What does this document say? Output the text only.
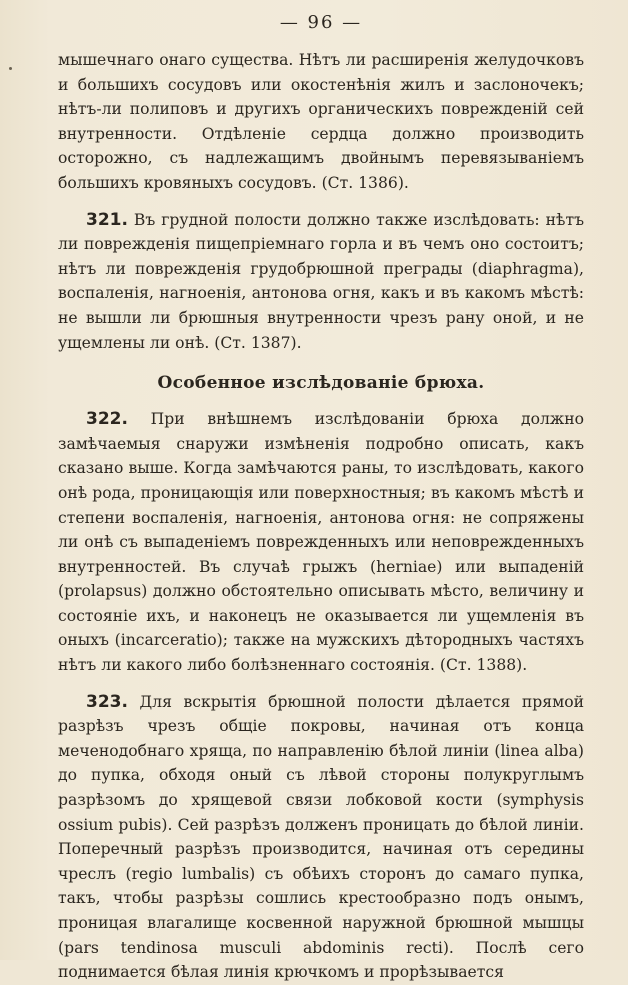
— 96 —

мышечнаго онаго существа. Нѣтъ ли расширенія желудочковъ и большихъ сосудовъ или окостенѣнія жилъ и заслоночекъ; нѣтъ-ли полиповъ и другихъ органическихъ поврежденій сей внутренности. Отдѣленіе сердца должно производить осторожно, съ надлежащимъ двойнымъ перевязываніемъ большихъ кровяныхъ сосудовъ. (Ст. 1386).

321. Въ грудной полости должно также изслѣдовать: нѣтъ ли поврежденія пищепріемнаго горла и въ чемъ оно состоитъ; нѣтъ ли поврежденія грудобрюшной преграды (diaphragma), воспаленія, нагноенія, антонова огня, какъ и въ какомъ мѣстѣ: не вышли ли брюшныя внутренности чрезъ рану оной, и не ущемлены ли онѣ. (Ст. 1387).

Особенное изслѣдованіе брюха.

322. При внѣшнемъ изслѣдованіи брюха должно замѣчаемыя снаружи измѣненія подробно описать, какъ сказано выше. Когда замѣчаются раны, то изслѣдовать, какого онѣ рода, проницающія или поверхностныя; въ какомъ мѣстѣ и степени воспаленія, нагноенія, антонова огня: не сопряжены ли онѣ съ выпаденіемъ поврежденныхъ или неповрежденныхъ внутренностей. Въ случаѣ грыжъ (herniae) или выпаденій (prolapsus) должно обстоятельно описывать мѣсто, величину и состояніе ихъ, и наконецъ не оказывается ли ущемленія въ оныхъ (incarceratio); также на мужскихъ дѣтородныхъ частяхъ нѣтъ ли какого либо болѣзненнаго состоянія. (Ст. 1388).

323. Для вскрытія брюшной полости дѣлается прямой разрѣзъ чрезъ общіе покровы, начиная отъ конца меченодобнаго хряща, по направленію бѣлой линіи (linea alba) до пупка, обходя оный съ лѣвой стороны полукруглымъ разрѣзомъ до хрящевой связи лобковой кости (symphysis ossium pubis). Сей разрѣзъ долженъ проницать до бѣлой линіи. Поперечный разрѣзъ производится, начиная отъ середины чреслъ (regio lumbalis) съ обѣихъ сторонъ до самаго пупка, такъ, чтобы разрѣзы сошлись крестообразно подъ онымъ, проницая влагалище косвенной наружной брюшной мышцы (pars tendinosa musculi abdominis recti). Послѣ сего поднимается бѣлая линія крючкомъ и прорѣзывается
